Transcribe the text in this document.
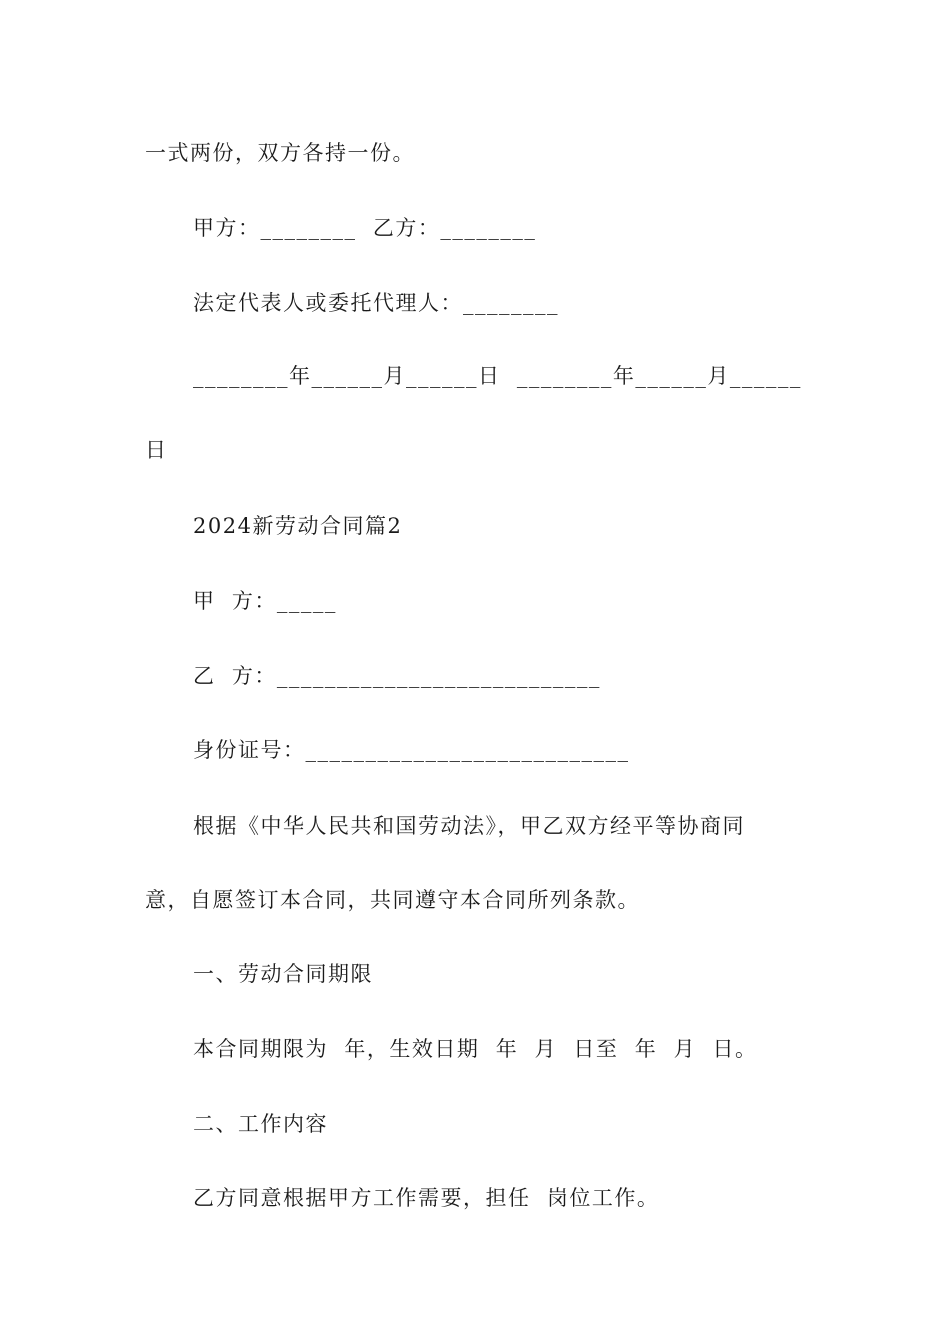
一式两份，双方各持一份。
甲方：________  乙方：________
法定代表人或委托代理人：________
________年______月______日  ________年______月______
日
2024新劳动合同篇2
甲  方：_____
乙  方：___________________________
身份证号：___________________________
根据《中华人民共和国劳动法》，甲乙双方经平等协商同
意，自愿签订本合同，共同遵守本合同所列条款。
一、劳动合同期限
本合同期限为  年，生效日期  年  月  日至  年  月  日。
二、工作内容
乙方同意根据甲方工作需要，担任  岗位工作。
